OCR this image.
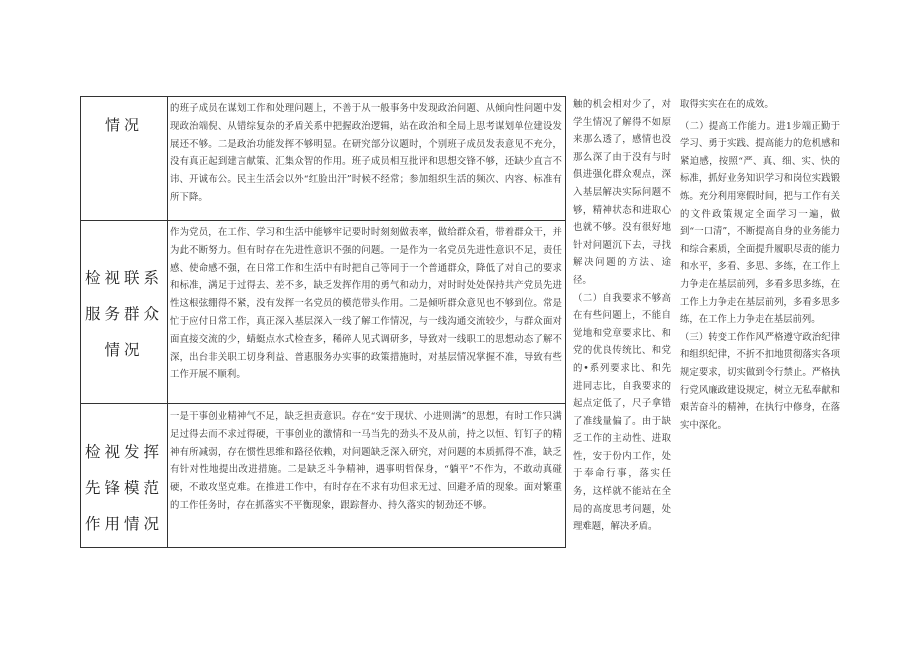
情况
的班子成员在谋划工作和处理问题上，不善于从一般事务中发现政治问题、从倾向性问题中发现政治端倪、从错综复杂的矛盾关系中把握政治逻辑，站在政治和全局上思考谋划单位建设发展还不够。二是政治功能发挥不够明显。在研究部分议题时，个别班子成员发表意见不充分，没有真正起到建言献策、汇集众智的作用。班子成员相互批评和思想交锋不够，还缺少直言不讳、开诚布公。民主生活会以外“红脸出汗”时候不经常；参加组织生活的频次、内容、标准有所下降。
检视联系服务群众情况
作为党员，在工作、学习和生活中能够牢记要时时刻刻做表率，做给群众看，带着群众干，并为此不断努力。但有时存在先进性意识不强的问题。一是作为一名党员先进性意识不足，责任感、使命感不强，在日常工作和生活中有时把自己等同于一个普通群众，降低了对自己的要求和标准，满足于过得去、差不多，缺乏发挥作用的勇气和动力，对时时处处保持共产党员先进性这根弦绷得不紧，没有发挥一名党员的模范带头作用。二是倾听群众意见也不够到位。常是忙于应付日常工作，真正深入基层深入一线了解工作情况，与一线沟通交流较少，与群众面对面直接交流的少，蜻蜓点水式检查多，稀碎人见式调研多，导致对一线职工的思想动态了解不深，出台非关职工切身利益、普惠服务办实事的政策措施时，对基层情况掌握不准，导致有些工作开展不顺利。
检视发挥先锋模范作用情况
一是干事创业精神气不足，缺乏担责意识。存在“安于现状、小进则满”的思想，有时工作只满足过得去而不求过得硬，干事创业的激情和一马当先的劲头不及从前，持之以恒、钉钉子的精神有所减弱，存在惯性思维和路径依赖，对问题缺乏深入研究，对问题的本质抓得不准，缺乏有针对性地提出改进措施。二是缺乏斗争精神，遇事明哲保身，“躺平”不作为，不敢动真碰硬，不敢攻坚克难。在推进工作中，有时存在不求有功但求无过、回避矛盾的现象。面对繁重的工作任务时，存在抓落实不平衡现象，跟踪督办、持久落实的韧劲还不够。

触的机会相对少了，对学生情况了解得不如原来那么透了，感情也没那么深了由于没有与时俱进强化群众观点，深入基层解决实际问题不够，精神状态和进取心也就不够。没有很好地针对问题沉下去，寻找解决问题的方法、途径。

（二）自我要求不够高在有些问题上，不能自觉地和党章要求比、和党的优良传统比、和党的•系列要求比、和先进同志比，自我要求的起点定低了，尺子拿错了准线量偏了。由于缺乏工作的主动性、进取性，安于份内工作，处于奉命行事，落实任务，这样就不能站在全局的高度思考问题，处理难题，解决矛盾。

取得实实在在的成效。

（二）提高工作能力。进1步端正勤于学习、勇于实践、提高能力的危机感和紧迫感，按照“严、真、细、实、快的标准，抓好业务知识学习和岗位实践锻炼。充分利用寒假时间，把与工作有关的文件政策规定全面学习一遍，做到“一口清”，不断提高自身的业务能力和综合素质，全面提升履职尽责的能力和水平，多看、多思、多练，在工作上力争走在基层前列，多看多思多练，在工作上力争走在基层前列，多看多思多练，在工作上力争走在基层前列。

（三）转变工作作风严格遵守政治纪律和组织纪律，不折不扣地贯彻落实各项规定要求，切实做到令行禁止。严格执行党风廉政建设规定，树立无私奉献和艰苦奋斗的精神，在执行中修身，在落实中深化。
